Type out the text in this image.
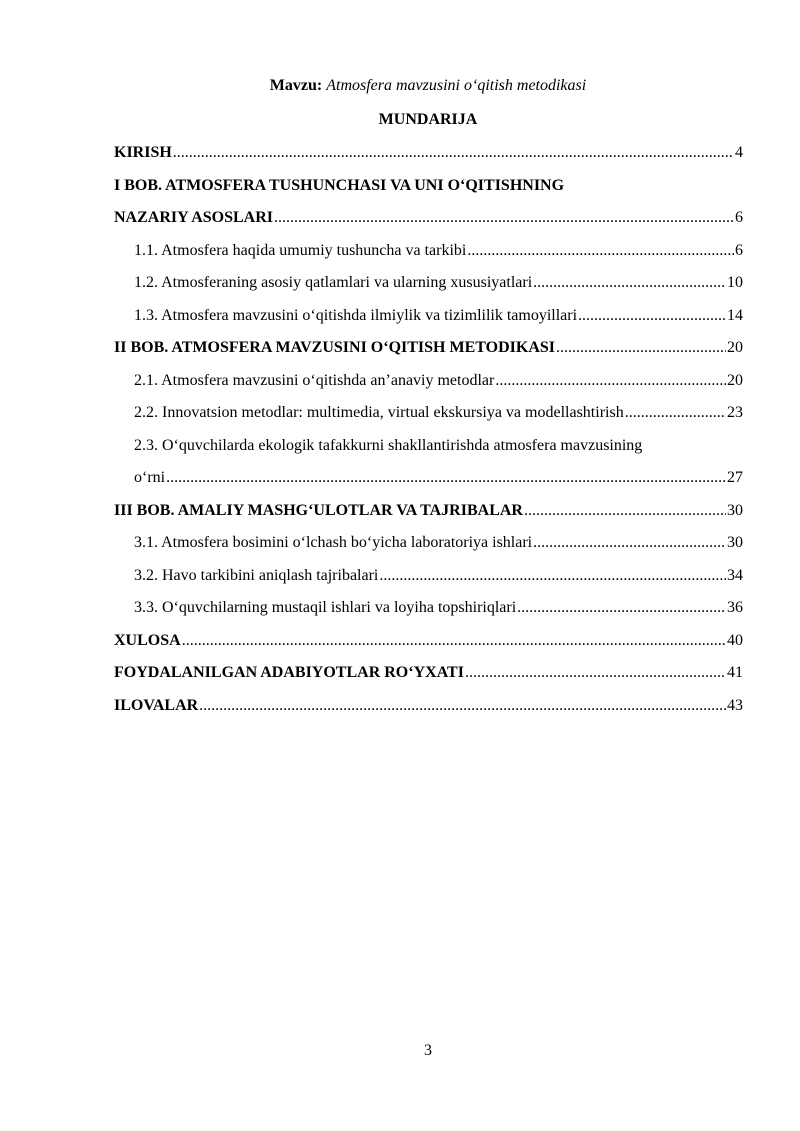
Mavzu: Atmosfera mavzusini o‘qitish metodikasi
MUNDARIJA
KIRISH .....	4
I BOB. ATMOSFERA TUSHUNCHASI VA UNI O‘QITISHNING
NAZARIY ASOSLARI .....	6
1.1. Atmosfera haqida umumiy tushuncha va tarkibi .....	6
1.2. Atmosferaning asosiy qatlamlari va ularning xususiyatlari .....	10
1.3. Atmosfera mavzusini o‘qitishda ilmiylik va tizimlilik tamoyillari .....	14
II BOB. ATMOSFERA MAVZUSINI O‘QITISH METODIKASI .....	20
2.1. Atmosfera mavzusini o‘qitishda an’anaviy metodlar .....	20
2.2. Innovatsion metodlar: multimedia, virtual ekskursiya va modellashtirish .....	23
2.3. O‘quvchilarda ekologik tafakkurni shakllantirishda atmosfera mavzusining
o‘rni .....	27
III BOB. AMALIY MASHG‘ULOTLAR VA TAJRIBALAR .....	30
3.1. Atmosfera bosimini o‘lchash bo‘yicha laboratoriya ishlari .....	30
3.2. Havo tarkibini aniqlash tajribalari .....	34
3.3. O‘quvchilarning mustaqil ishlari va loyiha topshiriqlari .....	36
XULOSA .....	40
FOYDALANILGAN ADABIYOTLAR RO‘YXATI .....	41
ILOVALAR .....	43
3
